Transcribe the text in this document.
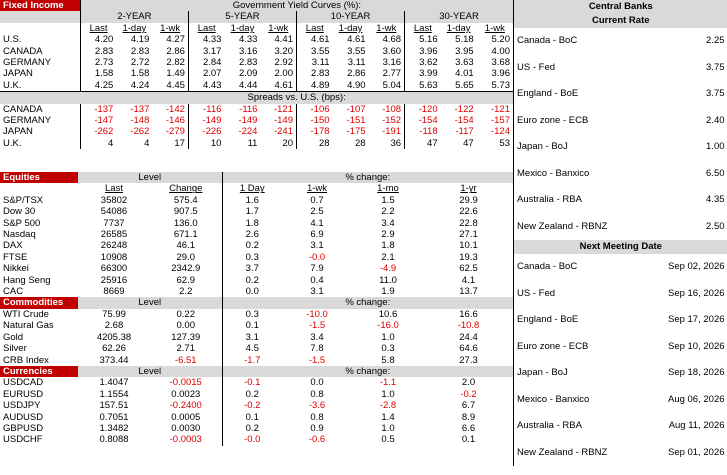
Fixed Income	Government Yield Curves (%):											
	2-YEAR			5-YEAR			10-YEAR			30-YEAR		
	Last	1-day	1-wk	Last	1-day	1-wk	Last	1-day	1-wk	Last	1-day	1-wk
U.S.	4.20	4.19	4.27	4.33	4.33	4.41	4.61	4.61	4.68	5.16	5.18	5.20
CANADA	2.83	2.83	2.86	3.17	3.16	3.20	3.55	3.55	3.60	3.96	3.95	4.00
GERMANY	2.73	2.72	2.82	2.84	2.83	2.92	3.11	3.11	3.16	3.62	3.63	3.68
JAPAN	1.58	1.58	1.49	2.07	2.09	2.00	2.83	2.86	2.77	3.99	4.01	3.96
U.K.	4.25	4.24	4.45	4.43	4.44	4.61	4.89	4.90	5.04	5.63	5.65	5.73
	Spreads vs. U.S. (bps):											
CANADA	-137	-137	-142	-116	-116	-121	-106	-107	-108	-120	-122	-121
GERMANY	-147	-148	-146	-149	-149	-149	-150	-151	-152	-154	-154	-157
JAPAN	-262	-262	-279	-226	-224	-241	-178	-175	-191	-118	-117	-124
U.K.	4	4	17	10	11	20	28	28	36	47	47	53
Equities	Level		% change:			
	Last	Change	1 Day	1-wk	1-mo	1-yr
S&P/TSX	35802	575.4	1.6	0.7	1.5	29.9
Dow 30	54086	907.5	1.7	2.5	2.2	22.6
S&P 500	7737	136.0	1.8	4.1	3.4	22.8
Nasdaq	26585	671.1	2.6	6.9	2.9	27.1
DAX	26248	46.1	0.2	3.1	1.8	10.1
FTSE	10908	29.0	0.3	-0.0	2.1	19.3
Nikkei	66300	2342.9	3.7	7.9	-4.9	62.5
Hang Seng	25916	62.9	0.2	0.4	11.0	4.1
CAC	8669	2.2	0.0	3.1	1.9	13.7
Commodities	Level		% change:			
WTI Crude	75.99	0.22	0.3	-10.0	10.6	16.6
Natural Gas	2.68	0.00	0.1	-1.5	-16.0	-10.8
Gold	4205.38	127.39	3.1	3.4	1.0	24.4
Silver	62.26	2.71	4.5	7.8	0.3	64.6
CRB Index	373.44	-6.51	-1.7	-1.5	5.8	27.3
Currencies	Level		% change:			
USDCAD	1.4047	-0.0015	-0.1	0.0	-1.1	2.0
EURUSD	1.1554	0.0023	0.2	0.8	1.0	-0.2
USDJPY	157.51	-0.2400	-0.2	-3.6	-2.8	6.7
AUDUSD	0.7051	0.0005	0.1	0.8	1.4	8.9
GBPUSD	1.3482	0.0030	0.2	0.9	1.0	6.6
USDCHF	0.8088	-0.0003	-0.0	-0.6	0.5	0.1
Central Banks	
Current Rate	
Canada - BoC	2.25
US - Fed	3.75
England - BoE	3.75
Euro zone - ECB	2.40
Japan - BoJ	1.00
Mexico - Banxico	6.50
Australia - RBA	4.35
New Zealand - RBNZ	2.50
Next Meeting Date	
Canada - BoC	Sep 02, 2026
US - Fed	Sep 16, 2026
England - BoE	Sep 17, 2026
Euro zone - ECB	Sep 10, 2026
Japan - BoJ	Sep 18, 2026
Mexico - Banxico	Aug 06, 2026
Australia - RBA	Aug 11, 2026
New Zealand - RBNZ	Sep 01, 2026
